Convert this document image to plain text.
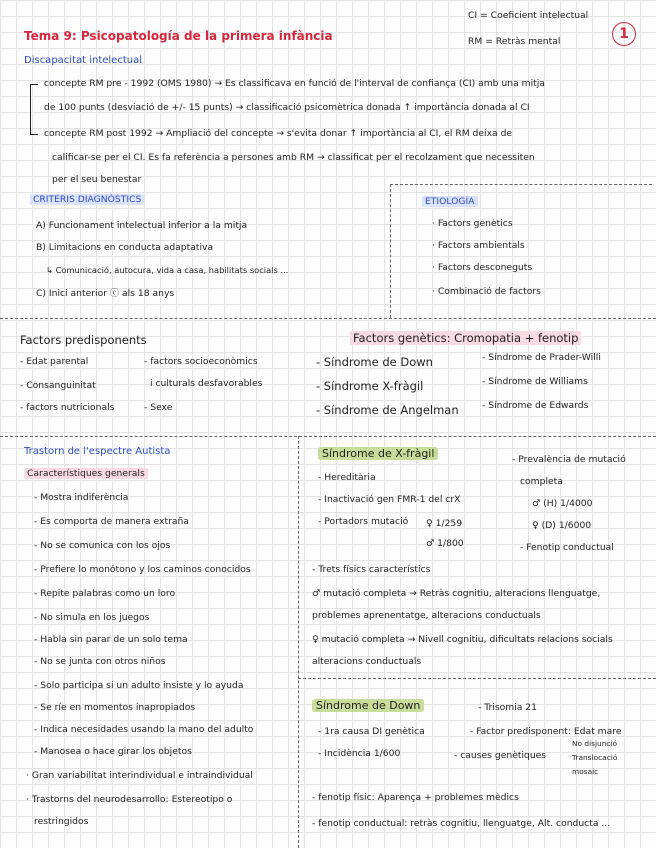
Tema 9: Psicopatología de la primera infància
CI = Coeficient intelectual
RM = Retràs mental	1
Discapacitat intelectual
concepte RM pre - 1992 (OMS 1980) → Es classificava en funció de l'interval de confiança (CI) amb una mitja
de 100 punts (desviació de +/- 15 punts) → classificació psicomètrica donada ↑ importància donada al CI
concepte RM post 1992 → Ampliació del concepte → s'evita donar ↑ importància al CI, el RM deixa de
calificar-se per el CI. Es fa referència a persones amb RM → classificat per el recolzament que necessiten
per el seu benestar
CRITERIS DIAGNÒSTICS
A) Funcionament intelectual inferior a la mitja
B) Limitacions en conducta adaptativa
↳ Comunicació, autocura, vida a casa, habilitats socials ...
C) Inici anterior ⓒ als 18 anys
ETIOLOGÍA
· Factors genètics
· Factors ambientals
· Factors desconeguts
· Combinació de factors
Factors predisponents
- Edat parental
- Consanguinitat
- factors nutricionals
- factors socioeconòmics
i culturals desfavorables
- Sexe
Factors genètics: Cromopatia + fenotip
- Síndrome de Down
- Síndrome X-fràgil
- Síndrome de Angelman
- Síndrome de Prader-Willi
- Síndrome de Williams
- Síndrome de Edwards
Trastorn de l'espectre Autista
Característiques generals
- Mostra indiferència
- Es comporta de manera extraña
- No se comunica con los ojos
- Prefiere lo monótono y los caminos conocidos
- Repite palabras como un loro
- No simula en los juegos
- Habla sin parar de un solo tema
- No se junta con otros niños
- Solo participa si un adulto insiste y lo ayuda
- Se ríe en momentos inapropiados
- Indica necesidades usando la mano del adulto
- Manosea o hace girar los objetos
· Gran variabilitat interindividual e intraindividual
· Trastorns del neurodesarrollo: Estereotipo o
restringidos
Síndrome de X-fràgil
- Hereditària
- Inactivació gen FMR-1 del crX
- Portadors mutació ♀ 1/259
♂ 1/800
- Prevalència de mutació
completa
♂ (H) 1/4000
♀ (D) 1/6000
- Fenotip conductual
- Trets físics característics
♂ mutació completa → Retràs cognitiu, alteracions llenguatge,
problemes aprenentatge, alteracions conductuals
♀ mutació completa → Nivell cognitiu, dificultats relacions socials
alteracions conductuals
Síndrome de Down	- Trisomia 21
- 1ra causa DI genètica	- Factor predisponent: Edat mare
- Incidència 1/600	- causes genètiques
No disjunció
Translocació
mosaic
- fenotip físic: Aparença + problemes mèdics
- fenotip conductual: retràs cognitiu, llenguatge, Alt. conducta ...
